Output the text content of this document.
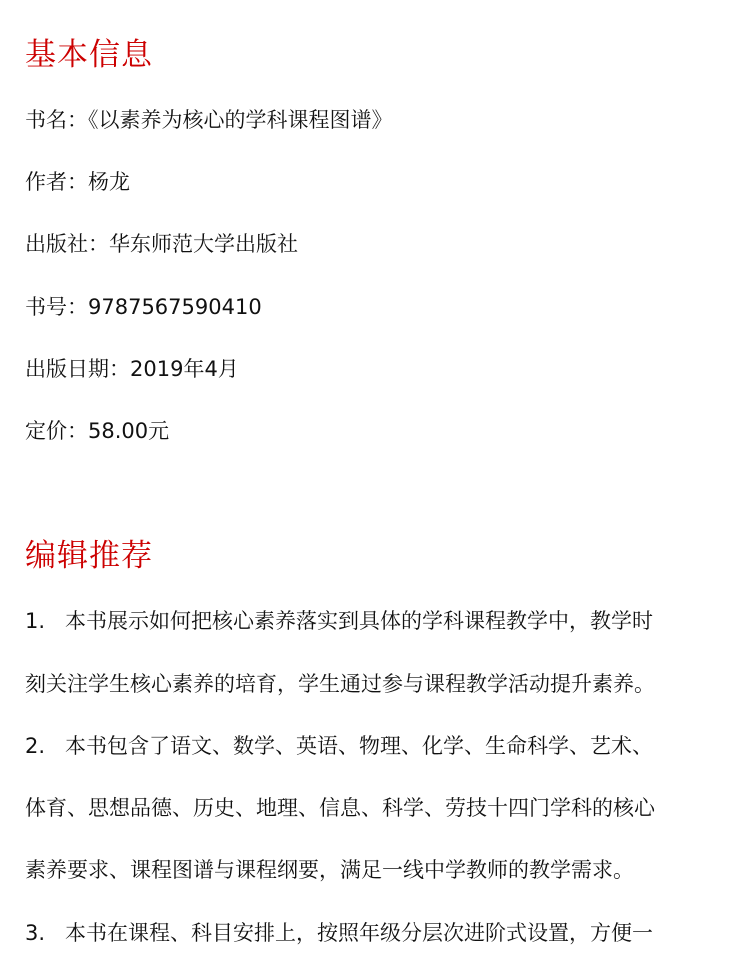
基本信息

书名：《以素养为核心的学科课程图谱》

作者：杨龙

出版社：华东师范大学出版社

书号：9787567590410

出版日期：2019年4月

定价：58.00元

编辑推荐

1. 本书展示如何把核心素养落实到具体的学科课程教学中，教学时

刻关注学生核心素养的培育，学生通过参与课程教学活动提升素养。

2. 本书包含了语文、数学、英语、物理、化学、生命科学、艺术、

体育、思想品德、历史、地理、信息、科学、劳技十四门学科的核心

素养要求、课程图谱与课程纲要，满足一线中学教师的教学需求。

3. 本书在课程、科目安排上，按照年级分层次进阶式设置，方便一
